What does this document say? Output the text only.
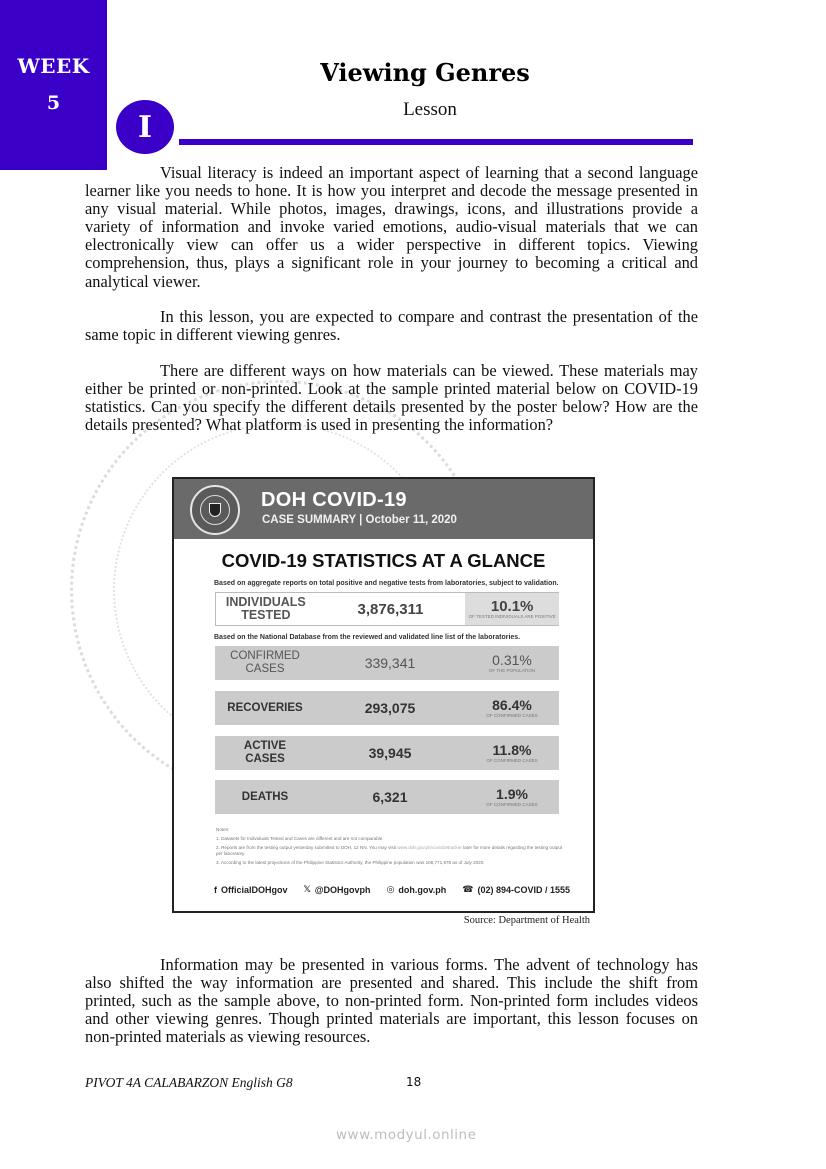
WEEK
5
Viewing Genres
Lesson
I

Visual literacy is indeed an important aspect of learning that a second language learner like you needs to hone. It is how you interpret and decode the message presented in any visual material. While photos, images, drawings, icons, and illustrations provide a variety of information and invoke varied emotions, audio-visual materials that we can electronically view can offer us a wider perspective in different topics. Viewing comprehension, thus, plays a significant role in your journey to becoming a critical and analytical viewer.

In this lesson, you are expected to compare and contrast the presentation of the same topic in different viewing genres.

There are different ways on how materials can be viewed. These materials may either be printed or non-printed. Look at the sample printed material below on COVID-19 statistics. Can you specify the different details presented by the poster below? How are the details presented? What platform is used in presenting the information?

DOH COVID-19
CASE SUMMARY | October 11, 2020
COVID-19 STATISTICS AT A GLANCE
Based on aggregate reports on total positive and negative tests from laboratories, subject to validation.
INDIVIDUALS
TESTED	3,876,311	10.1%
OF TESTED INDIVIDUALS ARE POSITIVE
Based on the National Database from the reviewed and validated line list of the laboratories.
CONFIRMED
CASES	339,341	0.31%
OF THE POPULATION
RECOVERIES	293,075	86.4%
OF CONFIRMED CASES
ACTIVE
CASES	39,945	11.8%
OF CONFIRMED CASES
DEATHS	6,321	1.9%
OF CONFIRMED CASES

Notes:

1. Datasets for Individuals Tested and Cases are different and are not comparable.

2. Reports are from the testing output yesterday submitted to DOH, 12 NN. You may visit www.doh.gov.ph/covid19tracker later for more details regarding the testing output per laboratory.

3. According to the latest projections of the Philippine Statistics Authority, the Philippine population was 108,771,978 as of July 2020.

f OfficialDOHgov 𝕏 @DOHgovph ◎ doh.gov.ph ☎ (02) 894-COVID / 1555
Source: Department of Health

Information may be presented in various forms. The advent of technology has also shifted the way information are presented and shared. This include the shift from printed, such as the sample above, to non-printed form. Non-printed form includes videos and other viewing genres. Though printed materials are important, this lesson focuses on non-printed materials as viewing resources.

PIVOT 4A CALABARZON English G8	18
www.modyul.online
